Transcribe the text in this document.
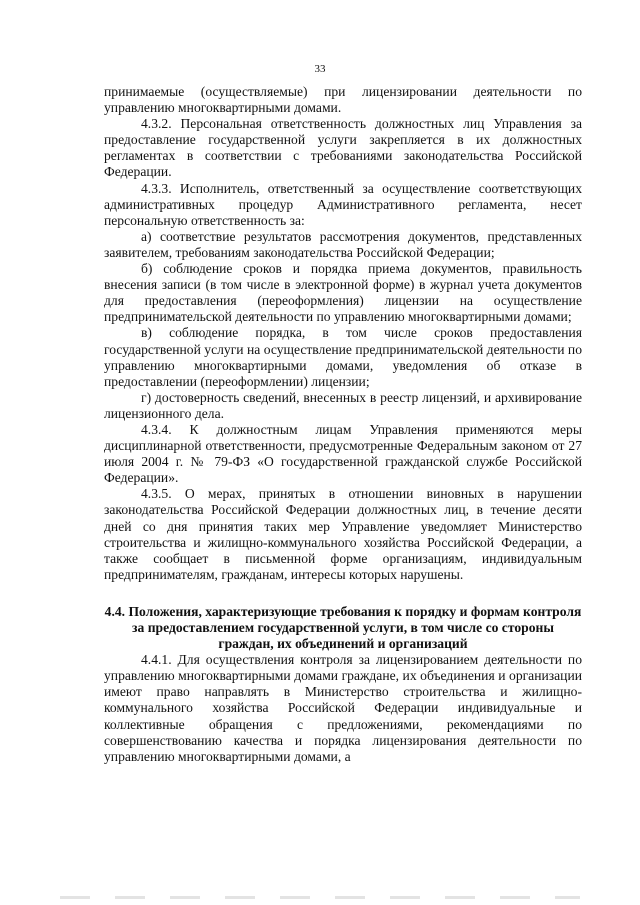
33

принимаемые (осуществляемые) при лицензировании деятельности по управлению многоквартирными домами.

4.3.2. Персональная ответственность должностных лиц Управления за предоставление государственной услуги закрепляется в их должностных регламентах в соответствии с требованиями законодательства Российской Федерации.

4.3.3. Исполнитель, ответственный за осуществление соответствующих административных процедур Административного регламента, несет персональную ответственность за:

а) соответствие результатов рассмотрения документов, представленных заявителем, требованиям законодательства Российской Федерации;

б) соблюдение сроков и порядка приема документов, правильность внесения записи (в том числе в электронной форме) в журнал учета документов для предоставления (переоформления) лицензии на осуществление предпринимательской деятельности по управлению многоквартирными домами;

в) соблюдение порядка, в том числе сроков предоставления государственной услуги на осуществление предпринимательской деятельности по управлению многоквартирными домами, уведомления об отказе в предоставлении (переоформлении) лицензии;

г) достоверность сведений, внесенных в реестр лицензий, и архивирование лицензионного дела.

4.3.4. К должностным лицам Управления применяются меры дисциплинарной ответственности, предусмотренные Федеральным законом от 27 июля 2004 г. № 79-ФЗ «О государственной гражданской службе Российской Федерации».

4.3.5. О мерах, принятых в отношении виновных в нарушении законодательства Российской Федерации должностных лиц, в течение десяти дней со дня принятия таких мер Управление уведомляет Министерство строительства и жилищно-коммунального хозяйства Российской Федерации, а также сообщает в письменной форме организациям, индивидуальным предпринимателям, гражданам, интересы которых нарушены.

4.4. Положения, характеризующие требования к порядку и формам контроля за предоставлением государственной услуги, в том числе со стороны граждан, их объединений и организаций

4.4.1. Для осуществления контроля за лицензированием деятельности по управлению многоквартирными домами граждане, их объединения и организации имеют право направлять в Министерство строительства и жилищно-коммунального хозяйства Российской Федерации индивидуальные и коллективные обращения с предложениями, рекомендациями по совершенствованию качества и порядка лицензирования деятельности по управлению многоквартирными домами, а
